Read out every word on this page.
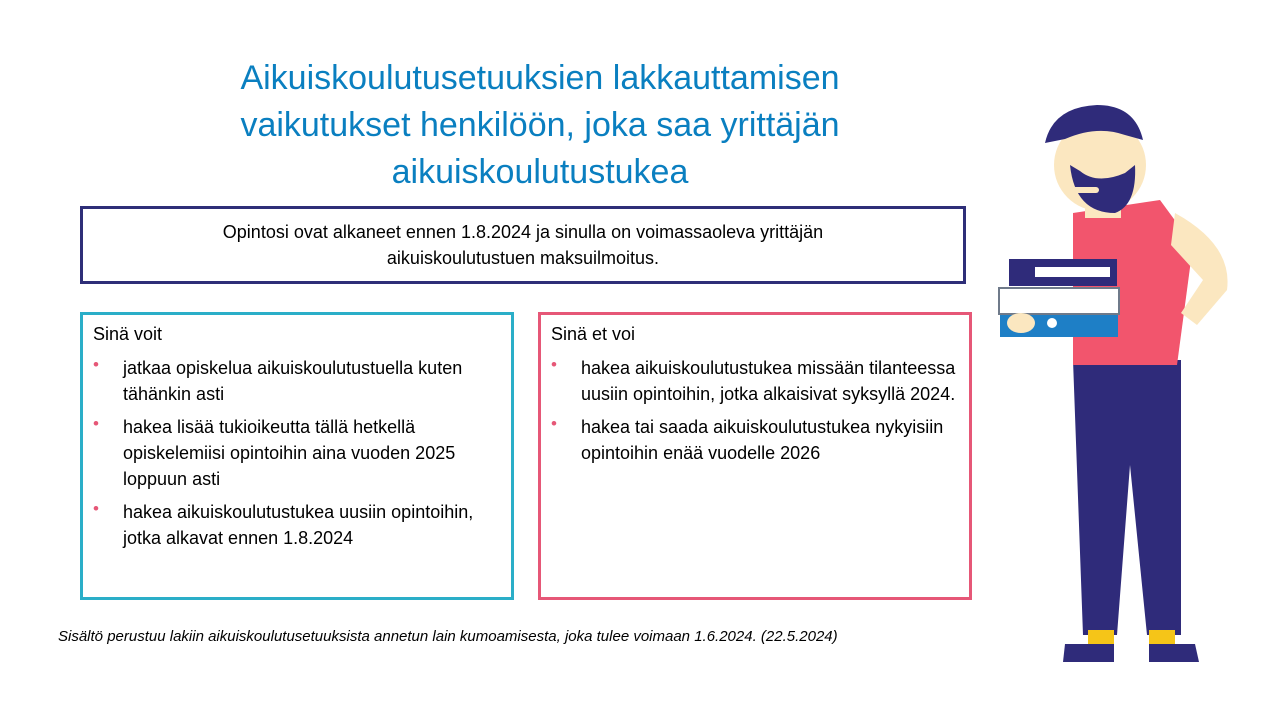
Aikuiskoulutusetuuksien lakkauttamisen
vaikutukset henkilöön, joka saa yrittäjän
aikuiskoulutustukea
Opintosi ovat alkaneet ennen 1.8.2024 ja sinulla on voimassaoleva yrittäjän
aikuiskoulutustuen maksuilmoitus.
Sinä voit
• jatkaa opiskelua aikuiskoulutustuella kuten tähänkin asti
• hakea lisää tukioikeutta tällä hetkellä opiskelemiisi opintoihin aina vuoden 2025 loppuun asti
• hakea aikuiskoulutustukea uusiin opintoihin, jotka alkavat ennen 1.8.2024
Sinä et voi
• hakea aikuiskoulutustukea missään tilanteessa uusiin opintoihin, jotka alkaisivat syksyllä 2024.
• hakea tai saada aikuiskoulutustukea nykyisiin opintoihin enää vuodelle 2026
Sisältö perustuu lakiin aikuiskoulutusetuuksista annetun lain kumoamisesta, joka tulee voimaan 1.6.2024. (22.5.2024)
